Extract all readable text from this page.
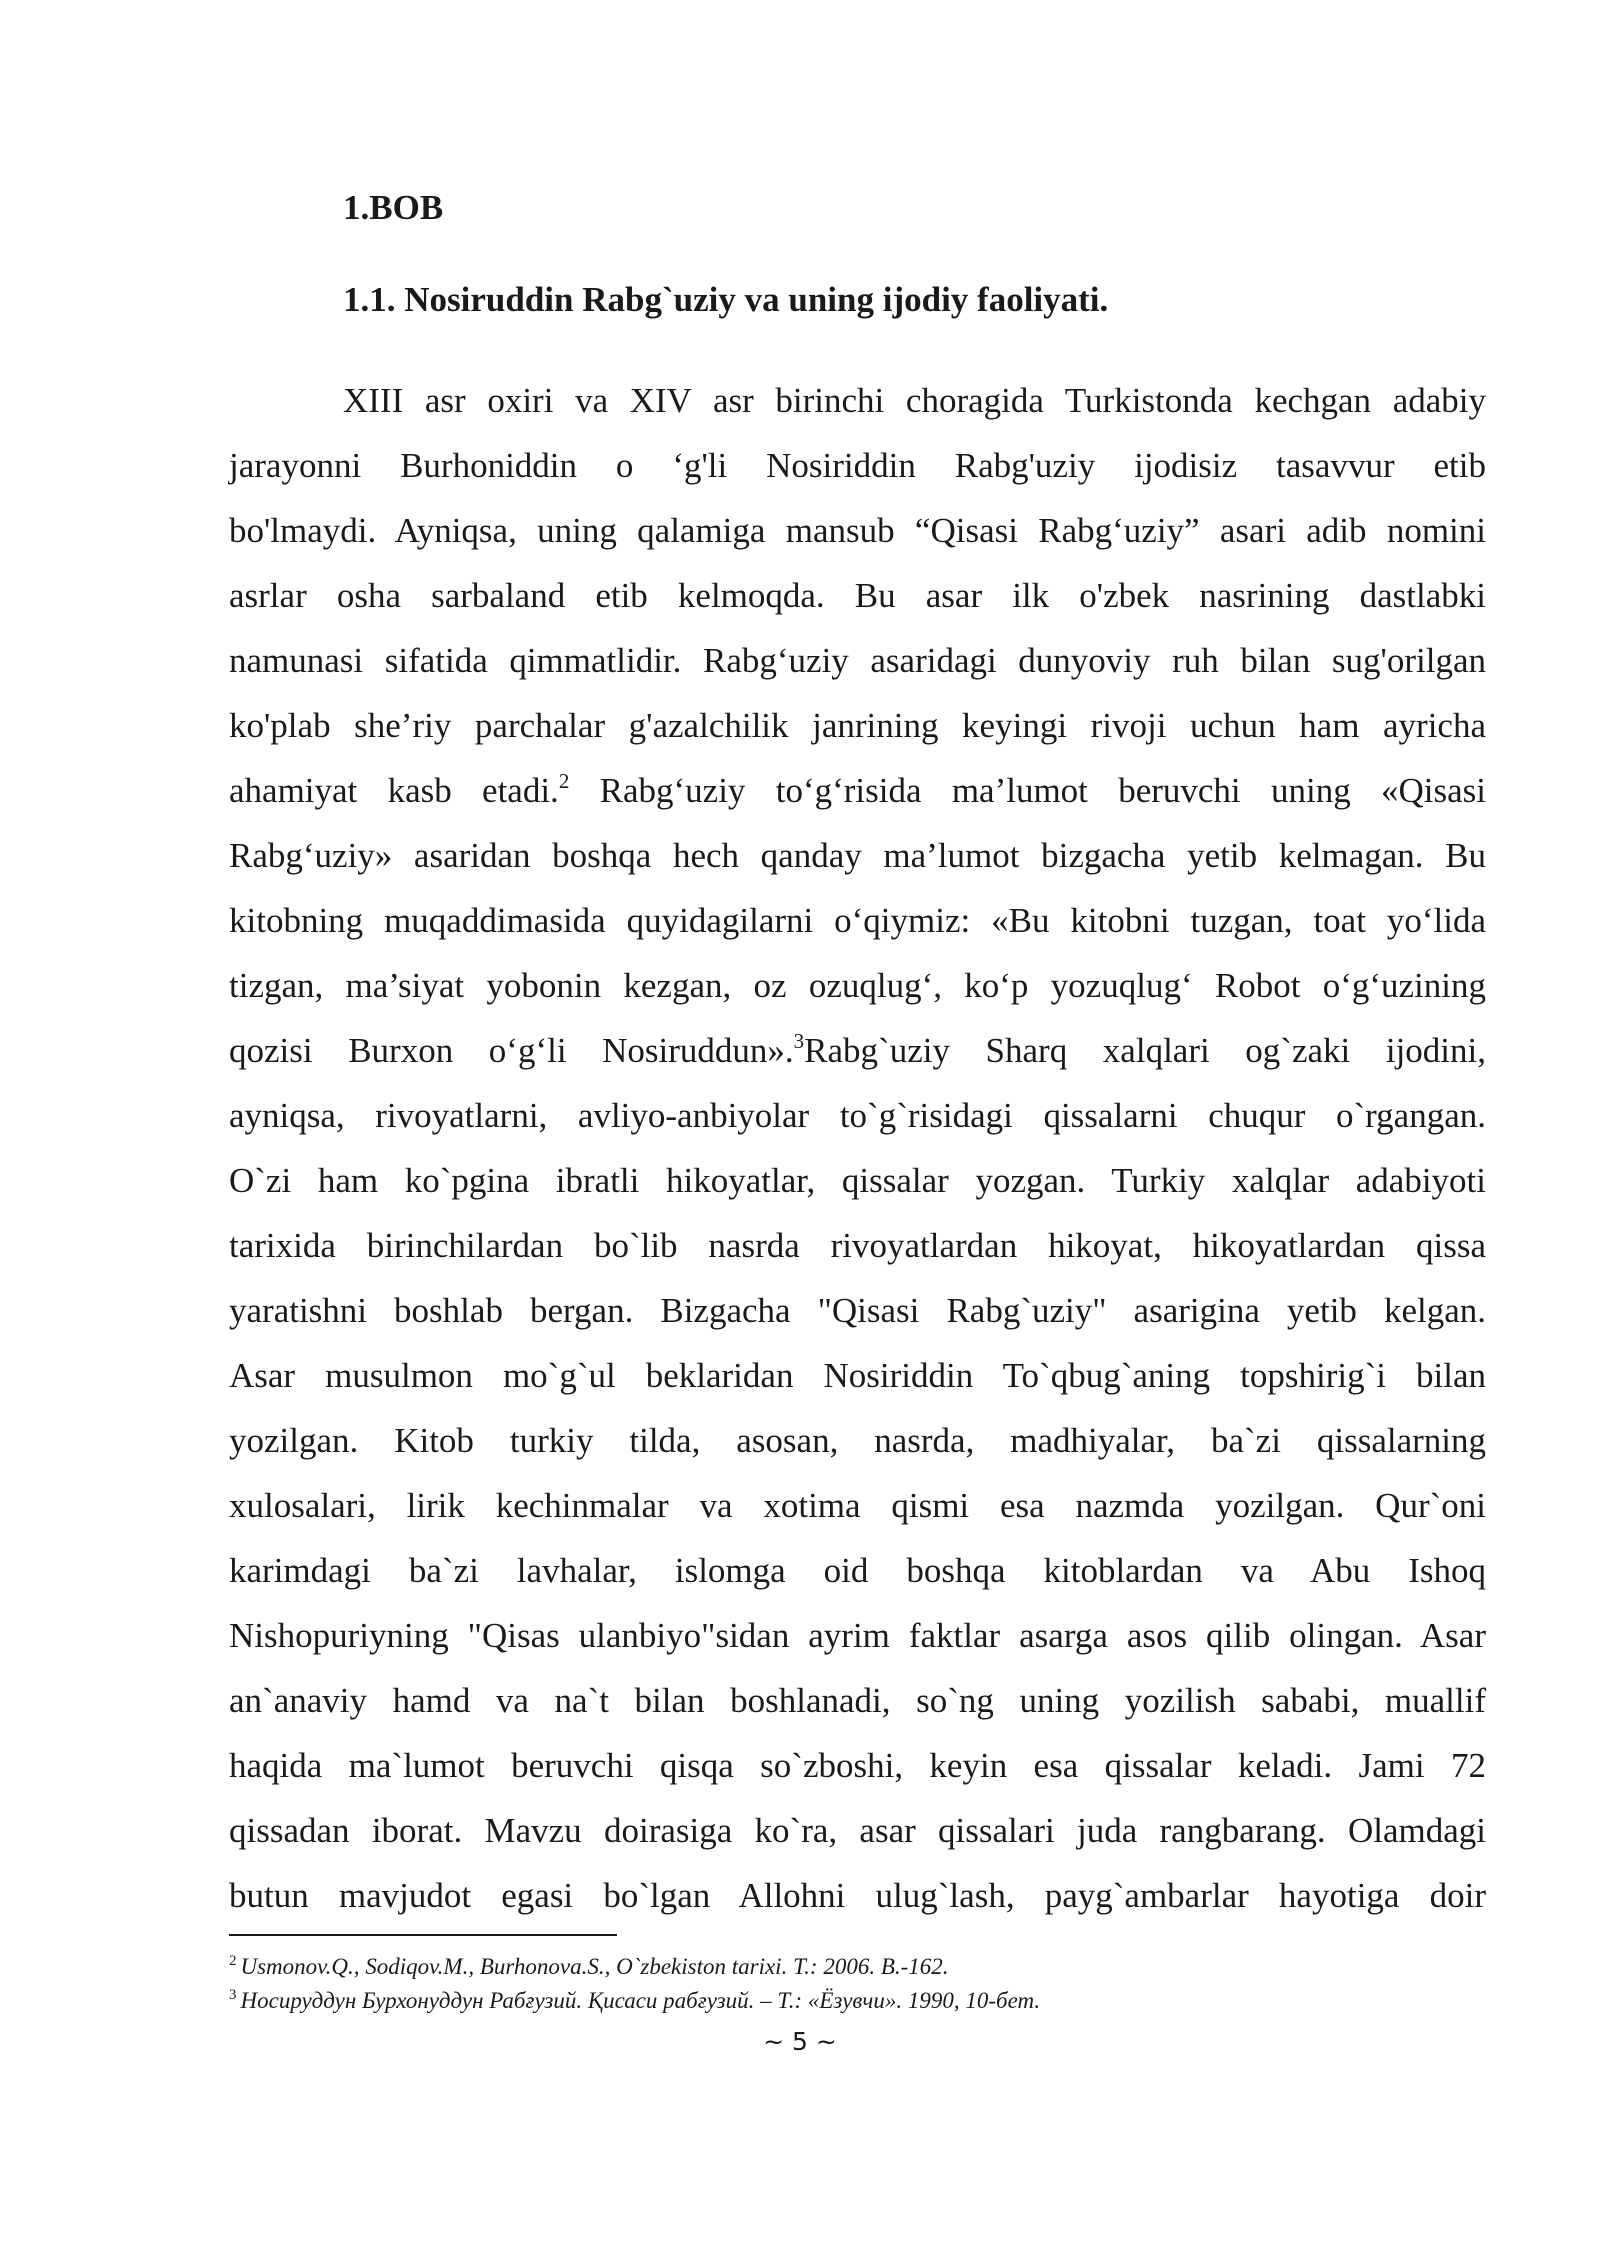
1.BOB
1.1. Nosiruddin Rabg`uziy va uning ijodiy faoliyati.
XIII asr oxiri va XIV asr birinchi choragida Turkistonda kechgan adabiy
jarayonni Burhoniddin o ‘g'li Nosiriddin Rabg'uziy ijodisiz tasavvur etib
bo'lmaydi. Ayniqsa, uning qalamiga mansub “Qisasi Rabg‘uziy” asari adib nomini
asrlar osha sarbaland etib kelmoqda. Bu asar ilk o'zbek nasrining dastlabki
namunasi sifatida qimmatlidir. Rabg‘uziy asaridagi dunyoviy ruh bilan sug'orilgan
ko'plab she’riy parchalar g'azalchilik janrining keyingi rivoji uchun ham ayricha
ahamiyat kasb etadi.$^2$ Rabg‘uziy to‘g‘risida ma’lumot beruvchi uning «Qisasi
Rabg‘uziy» asaridan boshqa hech qanday ma’lumot bizgacha yetib kelmagan. Bu
kitobning muqaddimasida quyidagilarni o‘qiymiz: «Bu kitobni tuzgan, toat yo‘lida
tizgan, ma’siyat yobonin kezgan, oz ozuqlug‘, ko‘p yozuqlug‘ Robot o‘g‘uzining
qozisi Burxon o‘g‘li Nosiruddun».$^3$Rabg`uziy Sharq xalqlari og`zaki ijodini,
ayniqsa, rivoyatlarni, avliyo-anbiyolar to`g`risidagi qissalarni chuqur o`rgangan.
O`zi ham ko`pgina ibratli hikoyatlar, qissalar yozgan. Turkiy xalqlar adabiyoti
tarixida birinchilardan bo`lib nasrda rivoyatlardan hikoyat, hikoyatlardan qissa
yaratishni boshlab bergan. Bizgacha "Qisasi Rabg`uziy" asarigina yetib kelgan.
Asar musulmon mo`g`ul beklaridan Nosiriddin To`qbug`aning topshirig`i bilan
yozilgan. Kitob turkiy tilda, asosan, nasrda, madhiyalar, ba`zi qissalarning
xulosalari, lirik kechinmalar va xotima qismi esa nazmda yozilgan. Qur`oni
karimdagi ba`zi lavhalar, islomga oid boshqa kitoblardan va Abu Ishoq
Nishopuriyning "Qisas ulanbiyo"sidan ayrim faktlar asarga asos qilib olingan. Asar
an`anaviy hamd va na`t bilan boshlanadi, so`ng uning yozilish sababi, muallif
haqida ma`lumot beruvchi qisqa so`zboshi, keyin esa qissalar keladi. Jami 72
qissadan iborat. Mavzu doirasiga ko`ra, asar qissalari juda rangbarang. Olamdagi
butun mavjudot egasi bo`lgan Allohni ulug`lash, payg`ambarlar hayotiga doir
$^2$ Usmonov.Q., Sodiqov.M., Burhonova.S., O`zbekiston tarixi. T.: 2006. B.-162.
$^3$ Носируддун Бурхонуддун Рабғузий. Қисаси рабғузий. – Т.: «Ёзувчи». 1990, 10-бет.
~ 5 ~
